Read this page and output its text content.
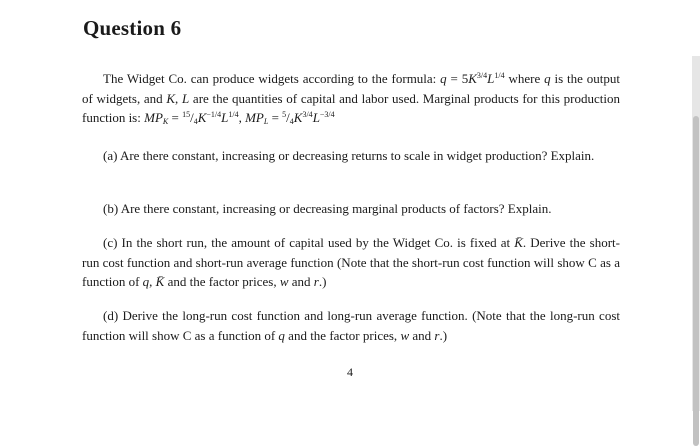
Question 6
The Widget Co. can produce widgets according to the formula: $q = 5K^{3/4}L^{1/4}$ where q is the output of widgets, and K, L are the quantities of capital and labor used. Marginal products for this production function is: $MP_K = ^{15}/_4K^{-1/4}L^{1/4}$, $MP_L = ^5/_4K^{3/4}L^{-3/4}$
(a) Are there constant, increasing or decreasing returns to scale in widget production? Explain.
(b) Are there constant, increasing or decreasing marginal products of factors? Explain.
(c) In the short run, the amount of capital used by the Widget Co. is fixed at K̄. Derive the short-run cost function and short-run average function (Note that the short-run cost function will show C as a function of q, K̄ and the factor prices, w and r.)
(d) Derive the long-run cost function and long-run average function. (Note that the long-run cost function will show C as a function of q and the factor prices, w and r.)
4
